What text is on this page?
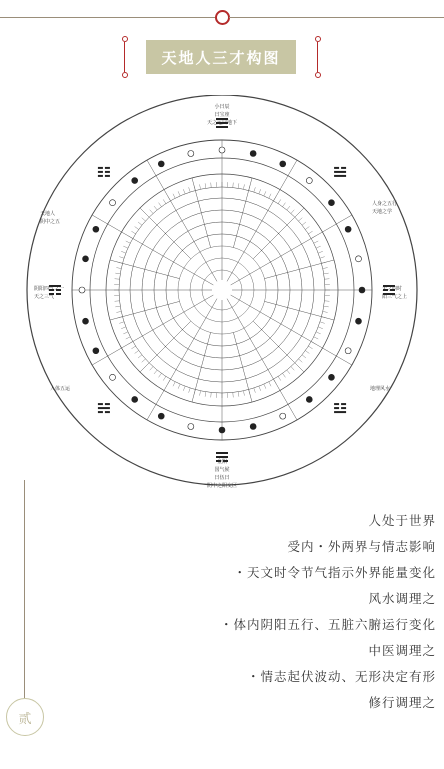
天地人三才构图
小曰辰
曰宝座
天之运曰地下
金阳
国气候
曰伍曰
阴中之阳交区
天地人
阴中之五
阴阳四气之一
天之三气
人体五运
人身之五行
天地之学
天之四时
阳三气之上
地理风水
贰
人处于世界
受内・外两界与情志影响
・天文时令节气指示外界能量变化
风水调理之
・体内阴阳五行、五脏六腑运行变化
中医调理之
・情志起伏波动、无形决定有形
修行调理之
